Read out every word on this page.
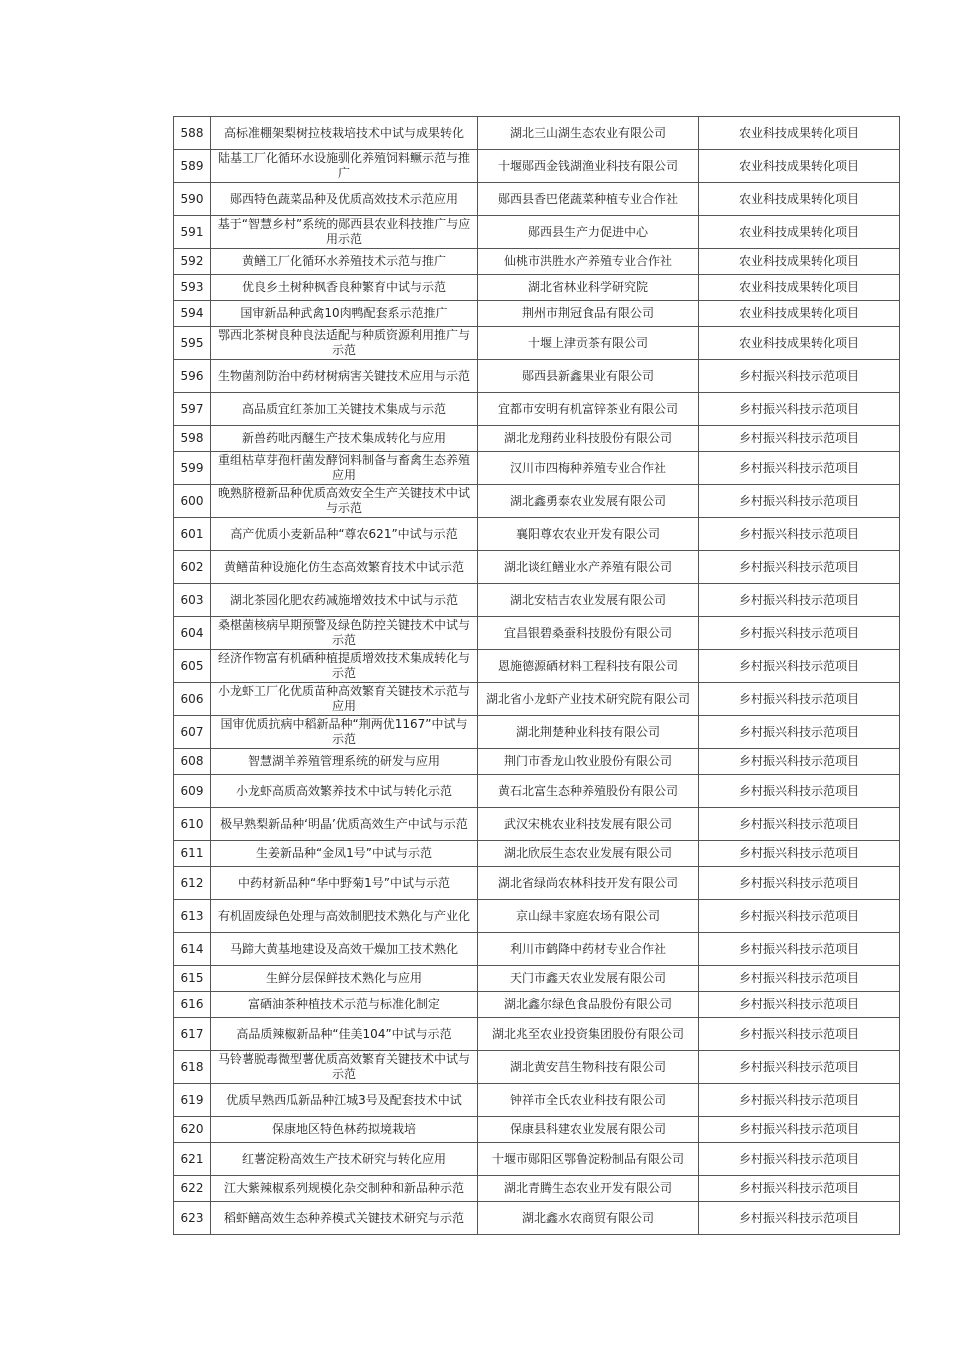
588	高标准棚架梨树拉枝栽培技术中试与成果转化	湖北三山湖生态农业有限公司	农业科技成果转化项目
589	陆基工厂化循环水设施驯化养殖饲料鳜示范与推广	十堰郧西金钱湖渔业科技有限公司	农业科技成果转化项目
590	郧西特色蔬菜品种及优质高效技术示范应用	郧西县香巴佬蔬菜种植专业合作社	农业科技成果转化项目
591	基于“智慧乡村”系统的郧西县农业科技推广与应用示范	郧西县生产力促进中心	农业科技成果转化项目
592	黄鳝工厂化循环水养殖技术示范与推广	仙桃市洪胜水产养殖专业合作社	农业科技成果转化项目
593	优良乡土树种枫香良种繁育中试与示范	湖北省林业科学研究院	农业科技成果转化项目
594	国审新品种武禽10肉鸭配套系示范推广	荆州市荆冠食品有限公司	农业科技成果转化项目
595	鄂西北茶树良种良法适配与种质资源利用推广与示范	十堰上津贡茶有限公司	农业科技成果转化项目
596	生物菌剂防治中药材树病害关键技术应用与示范	郧西县新鑫果业有限公司	乡村振兴科技示范项目
597	高品质宜红茶加工关键技术集成与示范	宜都市安明有机富锌茶业有限公司	乡村振兴科技示范项目
598	新兽药吡丙醚生产技术集成转化与应用	湖北龙翔药业科技股份有限公司	乡村振兴科技示范项目
599	重组枯草芽孢杆菌发酵饲料制备与畜禽生态养殖应用	汉川市四梅种养殖专业合作社	乡村振兴科技示范项目
600	晚熟脐橙新品种优质高效安全生产关键技术中试与示范	湖北鑫勇泰农业发展有限公司	乡村振兴科技示范项目
601	高产优质小麦新品种“尊农621”中试与示范	襄阳尊农农业开发有限公司	乡村振兴科技示范项目
602	黄鳝苗种设施化仿生态高效繁育技术中试示范	湖北谈红鳝业水产养殖有限公司	乡村振兴科技示范项目
603	湖北茶园化肥农药减施增效技术中试与示范	湖北安桔吉农业发展有限公司	乡村振兴科技示范项目
604	桑椹菌核病早期预警及绿色防控关键技术中试与示范	宜昌银碧桑蚕科技股份有限公司	乡村振兴科技示范项目
605	经济作物富有机硒种植提质增效技术集成转化与示范	恩施德源硒材料工程科技有限公司	乡村振兴科技示范项目
606	小龙虾工厂化优质苗种高效繁育关键技术示范与应用	湖北省小龙虾产业技术研究院有限公司	乡村振兴科技示范项目
607	国审优质抗病中稻新品种“荆两优1167”中试与示范	湖北荆楚种业科技有限公司	乡村振兴科技示范项目
608	智慧湖羊养殖管理系统的研发与应用	荆门市香龙山牧业股份有限公司	乡村振兴科技示范项目
609	小龙虾高质高效繁养技术中试与转化示范	黄石北富生态种养殖股份有限公司	乡村振兴科技示范项目
610	极早熟梨新品种‘明晶’优质高效生产中试与示范	武汉宋桃农业科技发展有限公司	乡村振兴科技示范项目
611	生姜新品种“金凤1号”中试与示范	湖北欣辰生态农业发展有限公司	乡村振兴科技示范项目
612	中药材新品种“华中野菊1号”中试与示范	湖北省绿尚农林科技开发有限公司	乡村振兴科技示范项目
613	有机固废绿色处理与高效制肥技术熟化与产业化	京山绿丰家庭农场有限公司	乡村振兴科技示范项目
614	马蹄大黄基地建设及高效干燥加工技术熟化	利川市鹤降中药材专业合作社	乡村振兴科技示范项目
615	生鲜分层保鲜技术熟化与应用	天门市鑫天农业发展有限公司	乡村振兴科技示范项目
616	富硒油茶种植技术示范与标准化制定	湖北鑫尔绿色食品股份有限公司	乡村振兴科技示范项目
617	高品质辣椒新品种“佳美104”中试与示范	湖北兆至农业投资集团股份有限公司	乡村振兴科技示范项目
618	马铃薯脱毒微型薯优质高效繁育关键技术中试与示范	湖北黄安莒生物科技有限公司	乡村振兴科技示范项目
619	优质早熟西瓜新品种江城3号及配套技术中试	钟祥市全氏农业科技有限公司	乡村振兴科技示范项目
620	保康地区特色林药拟境栽培	保康县科建农业发展有限公司	乡村振兴科技示范项目
621	红薯淀粉高效生产技术研究与转化应用	十堰市郧阳区鄂鲁淀粉制品有限公司	乡村振兴科技示范项目
622	江大紫辣椒系列规模化杂交制种和新品种示范	湖北青腾生态农业开发有限公司	乡村振兴科技示范项目
623	稻虾鳝高效生态种养模式关键技术研究与示范	湖北鑫水农商贸有限公司	乡村振兴科技示范项目
